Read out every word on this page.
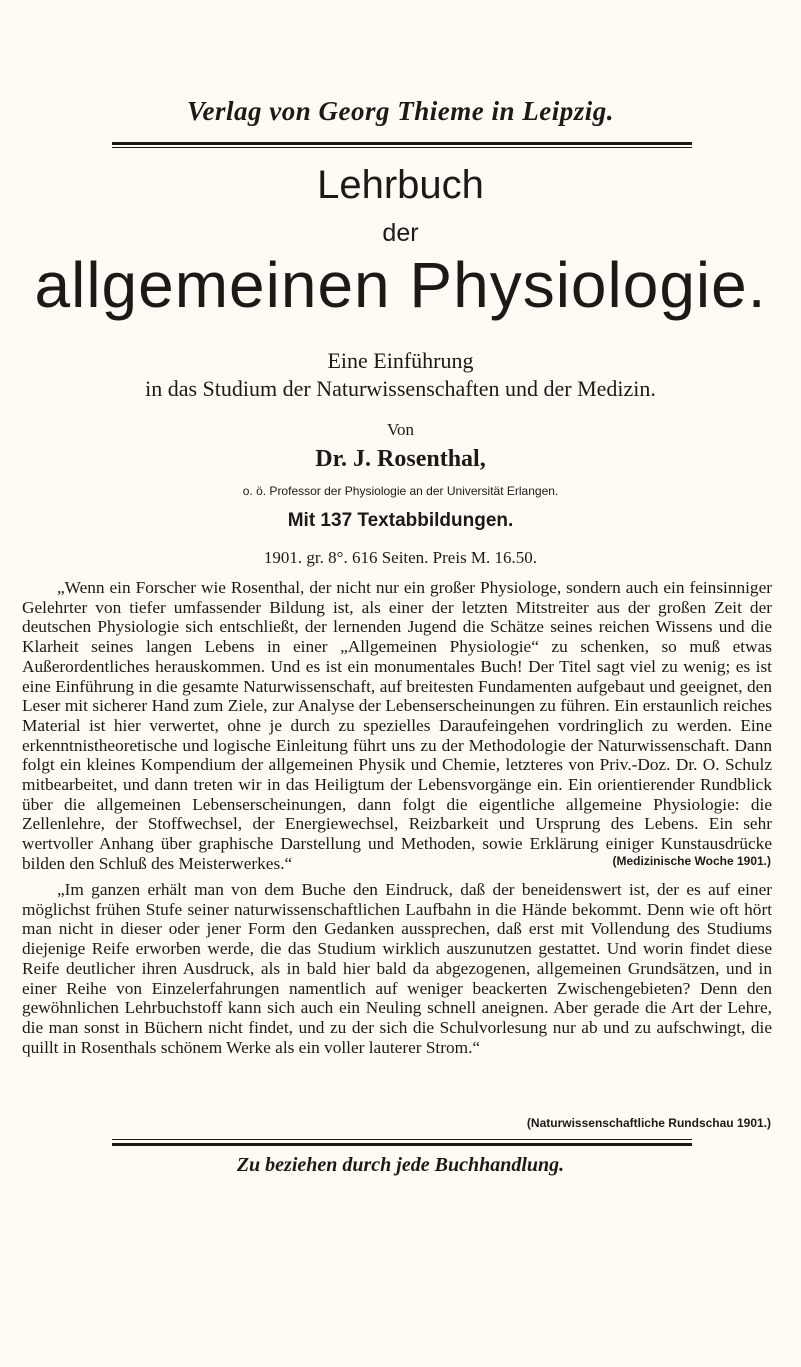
Verlag von Georg Thieme in Leipzig.
Lehrbuch
der
allgemeinen Physiologie.
Eine Einführung
in das Studium der Naturwissenschaften und der Medizin.
Von
Dr. J. Rosenthal,
o. ö. Professor der Physiologie an der Universität Erlangen.
Mit 137 Textabbildungen.
1901. gr. 8°. 616 Seiten. Preis M. 16.50.

„Wenn ein Forscher wie Rosenthal, der nicht nur ein großer Physiologe, sondern auch ein feinsinniger Gelehrter von tiefer umfassender Bildung ist, als einer der letzten Mitstreiter aus der großen Zeit der deutschen Physiologie sich entschließt, der lernenden Jugend die Schätze seines reichen Wissens und die Klarheit seines langen Lebens in einer „Allgemeinen Physiologie“ zu schenken, so muß etwas Außerordentliches herauskommen. Und es ist ein monumentales Buch! Der Titel sagt viel zu wenig; es ist eine Einführung in die gesamte Naturwissenschaft, auf breitesten Fundamenten aufgebaut und geeignet, den Leser mit sicherer Hand zum Ziele, zur Analyse der Lebenserscheinungen zu führen. Ein erstaunlich reiches Material ist hier verwertet, ohne je durch zu spezielles Daraufeingehen vordringlich zu werden. Eine erkenntnistheoretische und logische Einleitung führt uns zu der Methodologie der Naturwissenschaft. Dann folgt ein kleines Kompendium der allgemeinen Physik und Chemie, letzteres von Priv.-Doz. Dr. O. Schulz mitbearbeitet, und dann treten wir in das Heiligtum der Lebensvorgänge ein. Ein orientierender Rundblick über die allgemeinen Lebenserscheinungen, dann folgt die eigentliche allgemeine Physiologie: die Zellenlehre, der Stoffwechsel, der Energiewechsel, Reizbarkeit und Ursprung des Lebens. Ein sehr wertvoller Anhang über graphische Darstellung und Methoden, sowie Erklärung einiger Kunstausdrücke bilden den Schluß des Meisterwerkes.“	(Medizinische Woche 1901.)

„Im ganzen erhält man von dem Buche den Eindruck, daß der beneidenswert ist, der es auf einer möglichst frühen Stufe seiner naturwissenschaftlichen Laufbahn in die Hände bekommt. Denn wie oft hört man nicht in dieser oder jener Form den Gedanken aussprechen, daß erst mit Vollendung des Studiums diejenige Reife erworben werde, die das Studium wirklich auszunutzen gestattet. Und worin findet diese Reife deutlicher ihren Ausdruck, als in bald hier bald da abgezogenen, allgemeinen Grundsätzen, und in einer Reihe von Einzelerfahrungen namentlich auf weniger beackerten Zwischengebieten? Denn den gewöhnlichen Lehrbuchstoff kann sich auch ein Neuling schnell aneignen. Aber gerade die Art der Lehre, die man sonst in Büchern nicht findet, und zu der sich die Schulvorlesung nur ab und zu aufschwingt, die quillt in Rosenthals schönem Werke als ein voller lauterer Strom.“

(Naturwissenschaftliche Rundschau 1901.)
Zu beziehen durch jede Buchhandlung.
